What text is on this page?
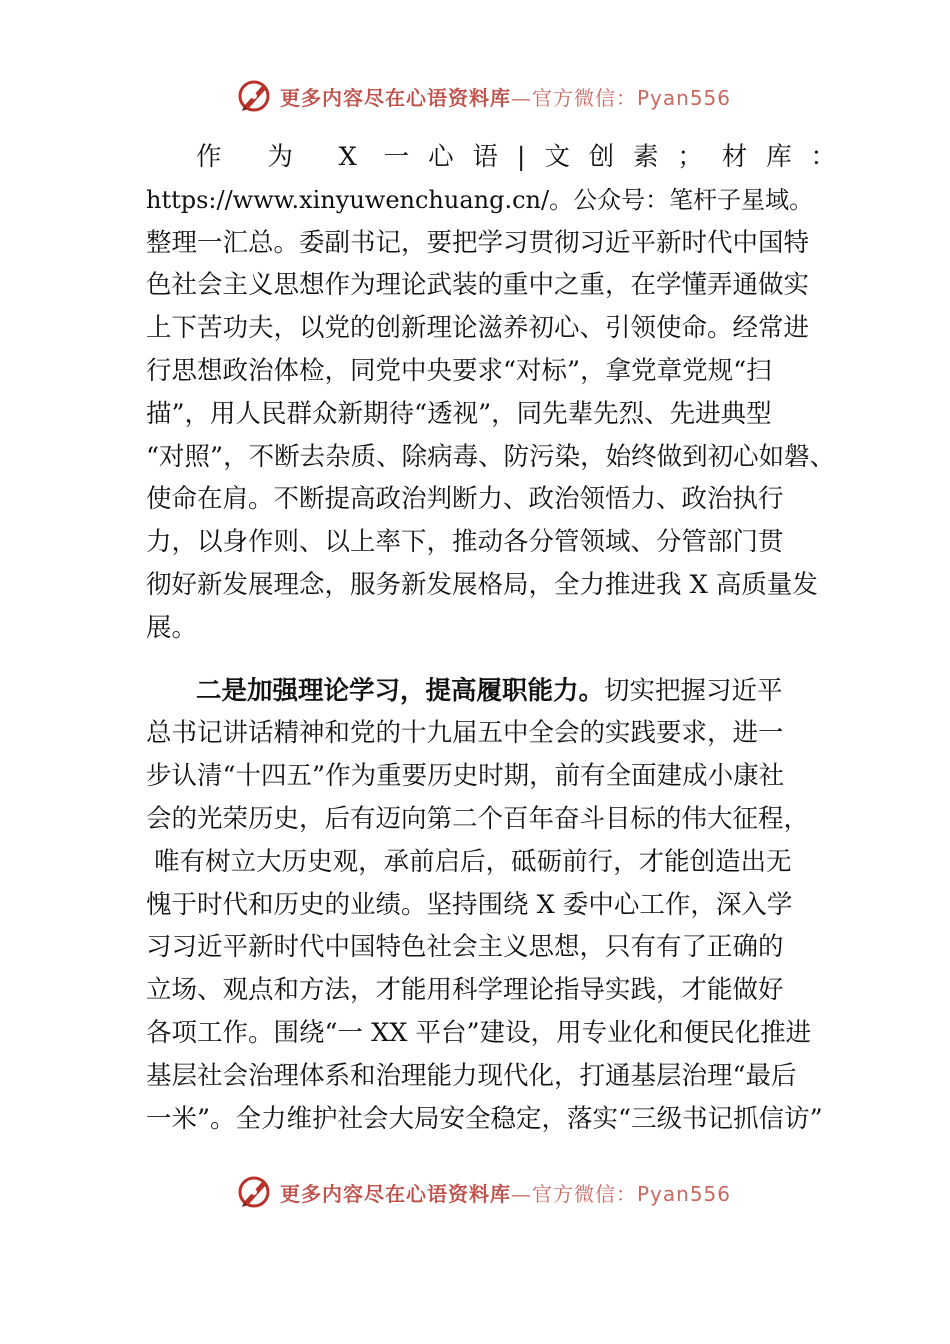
更多内容尽在心语资料库—官方微信：Pyan556
作 为 X 一心语|文创素；材库：
https://www.xinyuwenchuang.cn/。公众号：笔杆子星域。
整理一汇总。委副书记，要把学习贯彻习近平新时代中国特
色社会主义思想作为理论武装的重中之重，在学懂弄通做实
上下苦功夫，以党的创新理论滋养初心、引领使命。经常进
行思想政治体检，同党中央要求“对标”，拿党章党规“扫
描”，用人民群众新期待“透视”，同先辈先烈、先进典型
“对照”，不断去杂质、除病毒、防污染，始终做到初心如磐、
使命在肩。不断提高政治判断力、政治领悟力、政治执行
力，以身作则、以上率下，推动各分管领域、分管部门贯
彻好新发展理念，服务新发展格局，全力推进我 X 高质量发
展。
二是加强理论学习，提高履职能力。切实把握习近平
总书记讲话精神和党的十九届五中全会的实践要求，进一
步认清“十四五”作为重要历史时期，前有全面建成小康社
会的光荣历史，后有迈向第二个百年奋斗目标的伟大征程，
唯有树立大历史观，承前启后，砥砺前行，才能创造出无
愧于时代和历史的业绩。坚持围绕 X 委中心工作，深入学
习习近平新时代中国特色社会主义思想，只有有了正确的
立场、观点和方法，才能用科学理论指导实践，才能做好
各项工作。围绕“一 XX 平台”建设，用专业化和便民化推进
基层社会治理体系和治理能力现代化，打通基层治理“最后
一米”。全力维护社会大局安全稳定，落实“三级书记抓信访”
更多内容尽在心语资料库—官方微信：Pyan556
